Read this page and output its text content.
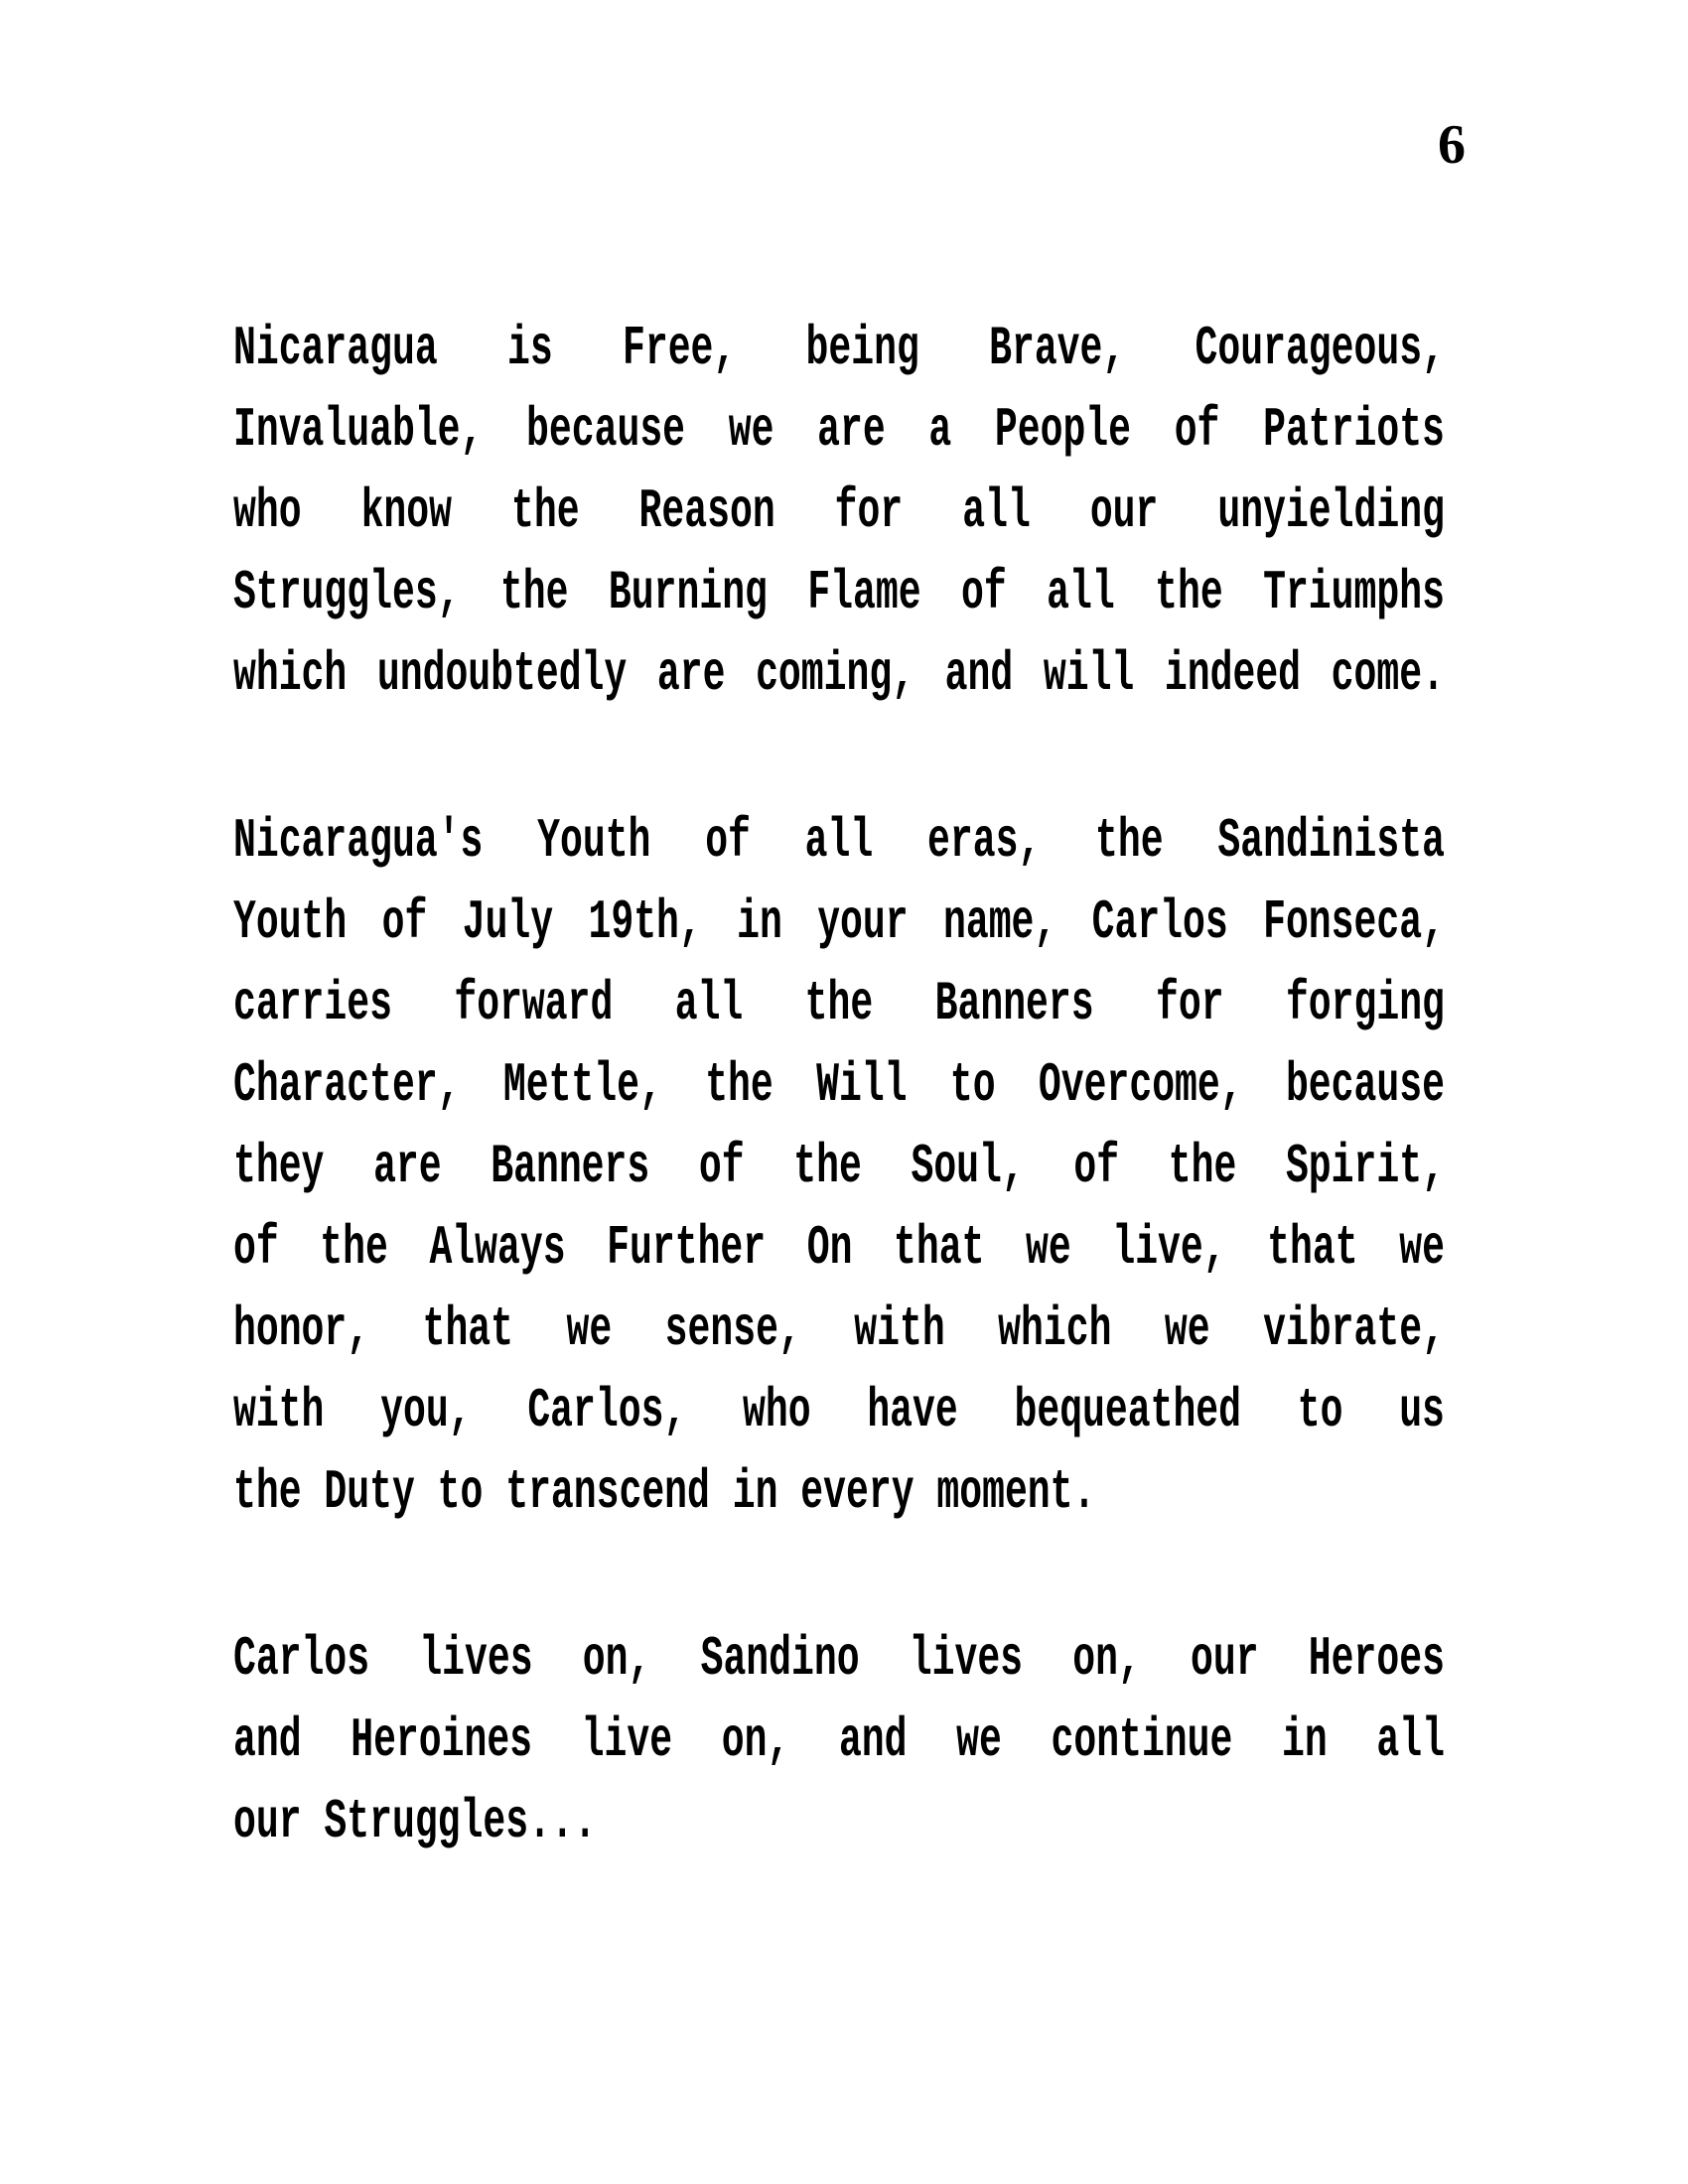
6
Nicaragua is Free, being Brave, Courageous,
Invaluable, because we are a People of Patriots
who know the Reason for all our unyielding
Struggles, the Burning Flame of all the Triumphs
which undoubtedly are coming, and will indeed come.
Nicaragua's Youth of all eras, the Sandinista
Youth of July 19th, in your name, Carlos Fonseca,
carries forward all the Banners for forging
Character, Mettle, the Will to Overcome, because
they are Banners of the Soul, of the Spirit,
of the Always Further On that we live, that we
honor, that we sense, with which we vibrate,
with you, Carlos, who have bequeathed to us
the Duty to transcend in every moment.
Carlos lives on, Sandino lives on, our Heroes
and Heroines live on, and we continue in all
our Struggles...
